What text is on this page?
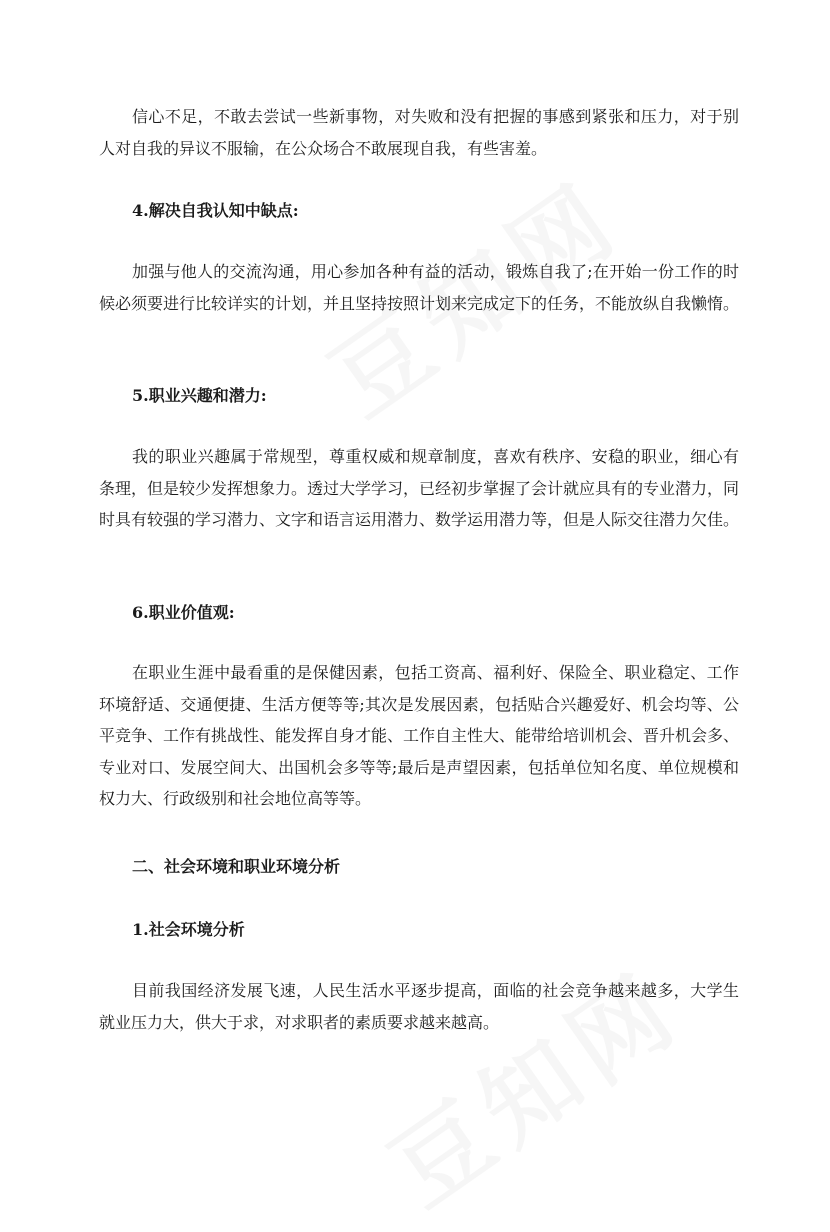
信心不足，不敢去尝试一些新事物，对失败和没有把握的事感到紧张和压力，对于别人对自我的异议不服输，在公众场合不敢展现自我，有些害羞。

4.解决自我认知中缺点:

加强与他人的交流沟通，用心参加各种有益的活动，锻炼自我了;在开始一份工作的时候必须要进行比较详实的计划，并且坚持按照计划来完成定下的任务，不能放纵自我懒惰。

5.职业兴趣和潜力:

我的职业兴趣属于常规型，尊重权威和规章制度，喜欢有秩序、安稳的职业，细心有条理，但是较少发挥想象力。透过大学学习，已经初步掌握了会计就应具有的专业潜力，同时具有较强的学习潜力、文字和语言运用潜力、数学运用潜力等，但是人际交往潜力欠佳。

6.职业价值观:

在职业生涯中最看重的是保健因素，包括工资高、福利好、保险全、职业稳定、工作环境舒适、交通便捷、生活方便等等;其次是发展因素，包括贴合兴趣爱好、机会均等、公平竞争、工作有挑战性、能发挥自身才能、工作自主性大、能带给培训机会、晋升机会多、专业对口、发展空间大、出国机会多等等;最后是声望因素，包括单位知名度、单位规模和权力大、行政级别和社会地位高等等。

二、社会环境和职业环境分析
1.社会环境分析

目前我国经济发展飞速，人民生活水平逐步提高，面临的社会竞争越来越多，大学生就业压力大，供大于求，对求职者的素质要求越来越高。
